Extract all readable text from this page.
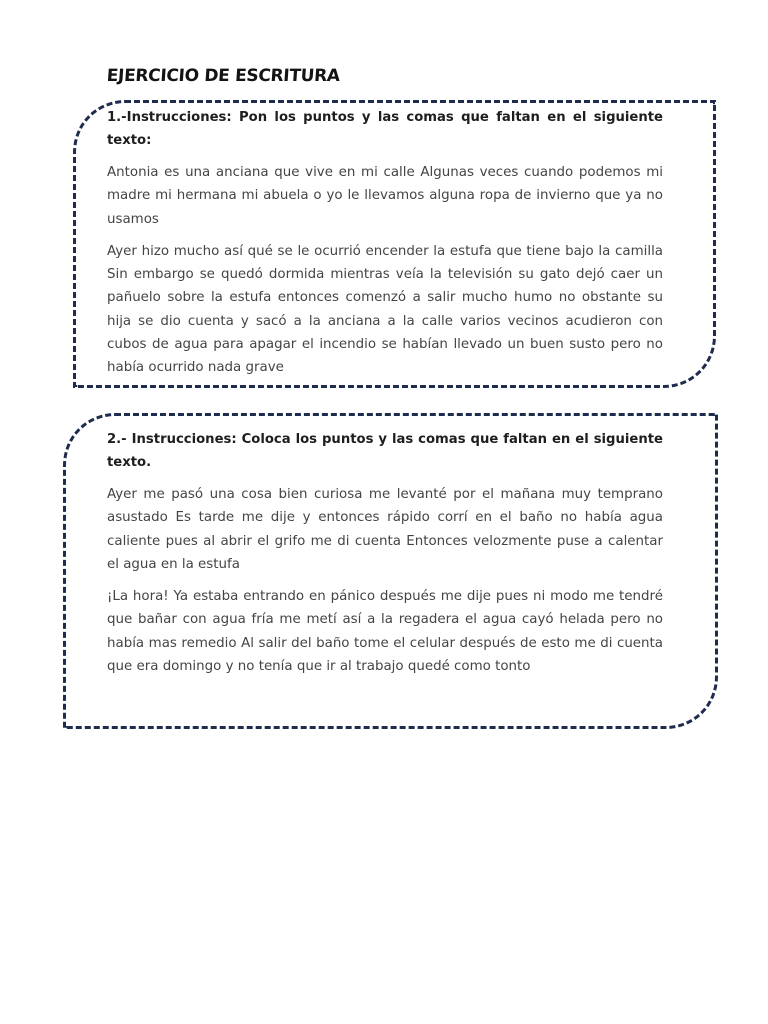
EJERCICIO DE ESCRITURA

1.-Instrucciones: Pon los puntos y las comas que faltan en el siguiente texto:

Antonia es una anciana que vive en mi calle Algunas veces cuando podemos mi madre mi hermana mi abuela o yo le llevamos alguna ropa de invierno que ya no usamos

Ayer hizo mucho así qué se le ocurrió encender la estufa que tiene bajo la camilla Sin embargo se quedó dormida mientras veía la televisión su gato dejó caer un pañuelo sobre la estufa entonces comenzó a salir mucho humo no obstante su hija se dio cuenta y sacó a la anciana a la calle varios vecinos acudieron con cubos de agua para apagar el incendio se habían llevado un buen susto pero no había ocurrido nada grave

2.- Instrucciones: Coloca los puntos y las comas que faltan en el siguiente texto.

Ayer me pasó una cosa bien curiosa me levanté por el mañana muy temprano asustado Es tarde me dije y entonces rápido corrí en el baño no había agua caliente pues al abrir el grifo me di cuenta Entonces velozmente puse a calentar el agua en la estufa

¡La hora! Ya estaba entrando en pánico después me dije pues ni modo me tendré que bañar con agua fría me metí así a la regadera el agua cayó helada pero no había mas remedio Al salir del baño tome el celular después de esto me di cuenta que era domingo y no tenía que ir al trabajo quedé como tonto
